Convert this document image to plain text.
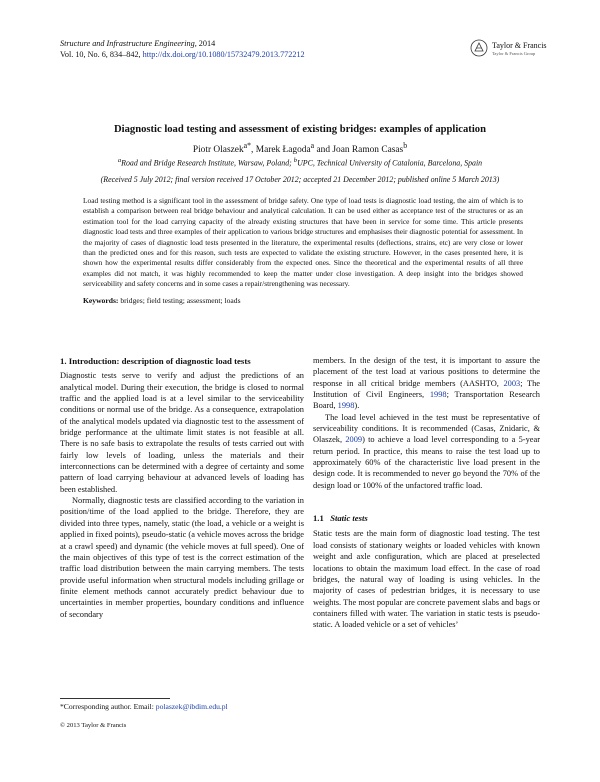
Structure and Infrastructure Engineering, 2014
Vol. 10, No. 6, 834–842, http://dx.doi.org/10.1080/15732479.2013.772212
Taylor & Francis
Taylor & Francis Group
Diagnostic load testing and assessment of existing bridges: examples of application
Piotr Olaszek$^{a*}$, Marek Łagoda$^a$ and Joan Ramon Casas$^b$
$^a$Road and Bridge Research Institute, Warsaw, Poland; $^b$UPC, Technical University of Catalonia, Barcelona, Spain
(Received 5 July 2012; final version received 17 October 2012; accepted 21 December 2012; published online 5 March 2013)
Load testing method is a significant tool in the assessment of bridge safety. One type of load tests is diagnostic load testing, the aim of which is to establish a comparison between real bridge behaviour and analytical calculation. It can be used either as acceptance test of the structures or as an estimation tool for the load carrying capacity of the already existing structures that have been in service for some time. This article presents diagnostic load tests and three examples of their application to various bridge structures and emphasises their diagnostic potential for assessment. In the majority of cases of diagnostic load tests presented in the literature, the experimental results (deflections, strains, etc) are very close or lower than the predicted ones and for this reason, such tests are expected to validate the existing structure. However, in the cases presented here, it is shown how the experimental results differ considerably from the expected ones. Since the theoretical and the experimental results of all three examples did not match, it was highly recommended to keep the matter under close investigation. A deep insight into the bridges showed serviceability and safety concerns and in some cases a repair/strengthening was necessary.
Keywords: bridges; field testing; assessment; loads
1. Introduction: description of diagnostic load tests

Diagnostic tests serve to verify and adjust the predictions of an analytical model. During their execution, the bridge is closed to normal traffic and the applied load is at a level similar to the serviceability conditions or normal use of the bridge. As a consequence, extrapolation of the analytical models updated via diagnostic test to the assessment of bridge performance at the ultimate limit states is not feasible at all. There is no safe basis to extrapolate the results of tests carried out with fairly low levels of loading, unless the materials and their interconnections can be determined with a degree of certainty and some pattern of load carrying behaviour at advanced levels of loading has been established.

Normally, diagnostic tests are classified according to the variation in position/time of the load applied to the bridge. Therefore, they are divided into three types, namely, static (the load, a vehicle or a weight is applied in fixed points), pseudo-static (a vehicle moves across the bridge at a crawl speed) and dynamic (the vehicle moves at full speed). One of the main objectives of this type of test is the correct estimation of the traffic load distribution between the main carrying members. The tests provide useful information when structural models including grillage or finite element methods cannot accurately predict behaviour due to uncertainties in member properties, boundary conditions and influence of secondary

members. In the design of the test, it is important to assure the placement of the test load at various positions to determine the response in all critical bridge members (AASHTO, 2003; The Institution of Civil Engineers, 1998; Transportation Research Board, 1998).

The load level achieved in the test must be representative of serviceability conditions. It is recommended (Casas, Znidaric, & Olaszek, 2009) to achieve a load level corresponding to a 5-year return period. In practice, this means to raise the test load up to approximately 60% of the characteristic live load present in the design code. It is recommended to never go beyond the 70% of the design load or 100% of the unfactored traffic load.

1.1 Static tests

Static tests are the main form of diagnostic load testing. The test load consists of stationary weights or loaded vehicles with known weight and axle configuration, which are placed at preselected locations to obtain the maximum load effect. In the case of road bridges, the natural way of loading is using vehicles. In the majority of cases of pedestrian bridges, it is necessary to use weights. The most popular are concrete pavement slabs and bags or containers filled with water. The variation in static tests is pseudo-static. A loaded vehicle or a set of vehicles’

*Corresponding author. Email: polaszek@ibdim.edu.pl
© 2013 Taylor & Francis
